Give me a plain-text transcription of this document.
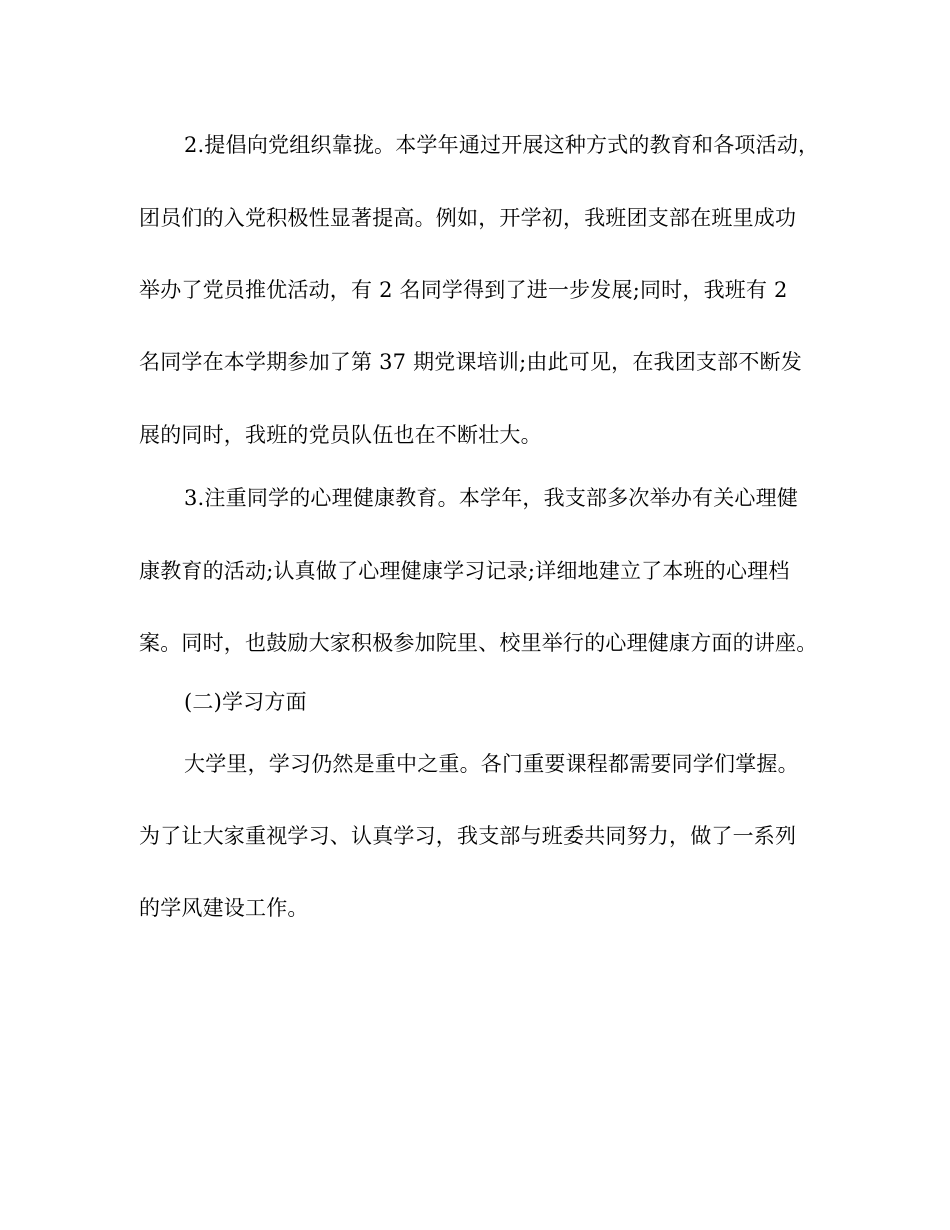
2.提倡向党组织靠拢。本学年通过开展这种方式的教育和各项活动，
团员们的入党积极性显著提高。例如，开学初，我班团支部在班里成功
举办了党员推优活动，有 2 名同学得到了进一步发展;同时，我班有 2
名同学在本学期参加了第 37 期党课培训;由此可见，在我团支部不断发
展的同时，我班的党员队伍也在不断壮大。
3.注重同学的心理健康教育。本学年，我支部多次举办有关心理健
康教育的活动;认真做了心理健康学习记录;详细地建立了本班的心理档
案。同时，也鼓励大家积极参加院里、校里举行的心理健康方面的讲座。
(二)学习方面
大学里，学习仍然是重中之重。各门重要课程都需要同学们掌握。
为了让大家重视学习、认真学习，我支部与班委共同努力，做了一系列
的学风建设工作。
